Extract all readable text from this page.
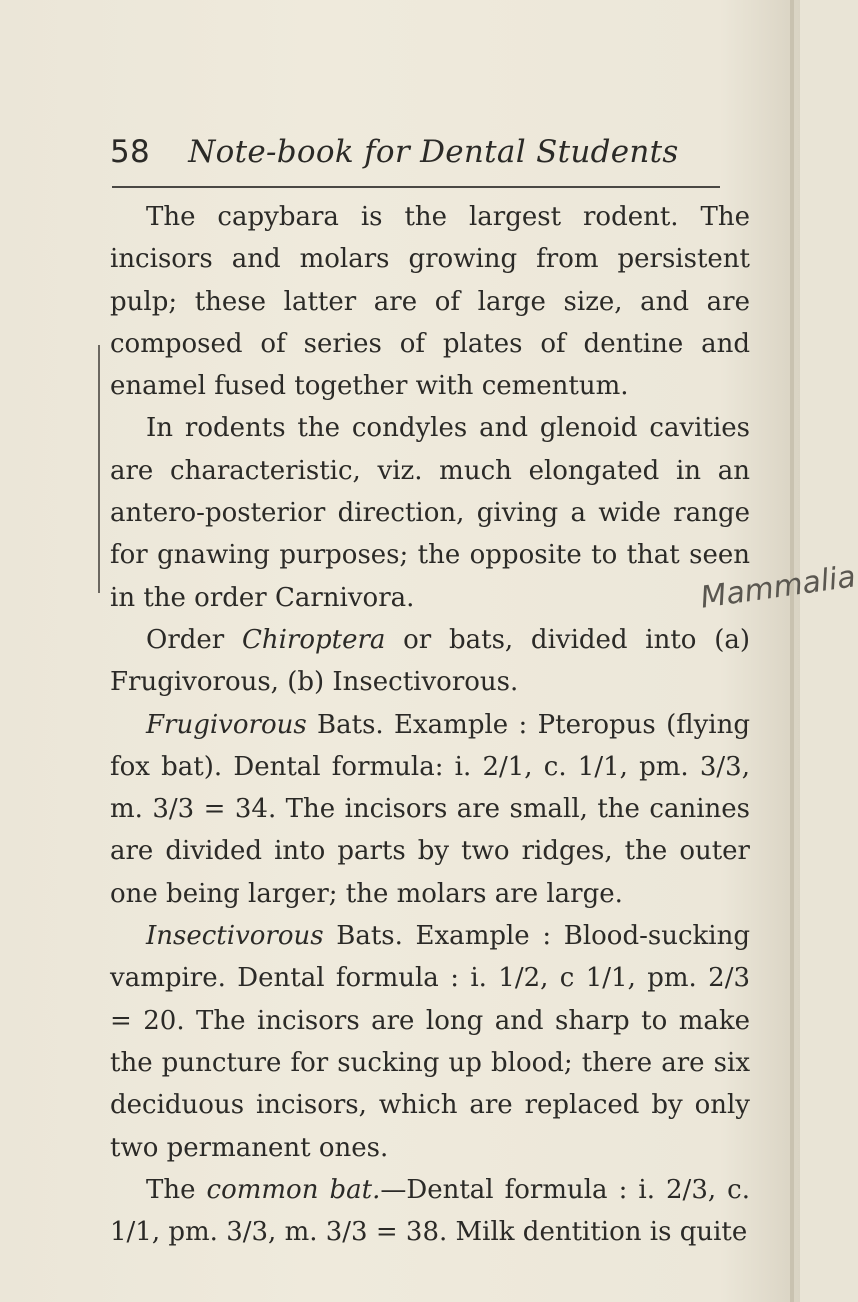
58 Note-book for Dental Students

The capybara is the largest rodent. The incisors and molars growing from persistent pulp; these latter are of large size, and are composed of series of plates of dentine and enamel fused together with cementum.

In rodents the condyles and glenoid cavities are characteristic, viz. much elongated in an antero-posterior direction, giving a wide range for gnawing purposes; the opposite to that seen in the order Carnivora.

Order Chiroptera or bats, divided into (a) Frugivorous, (b) Insectivorous.

Frugivorous Bats. Example : Pteropus (flying fox bat). Dental formula: i. 2/1, c. 1/1, pm. 3/3, m. 3/3 = 34. The incisors are small, the canines are divided into parts by two ridges, the outer one being larger; the molars are large.

Insectivorous Bats. Example : Blood-sucking vampire. Dental formula : i. 1/2, c 1/1, pm. 2/3 = 20. The incisors are long and sharp to make the puncture for sucking up blood; there are six deciduous incisors, which are replaced by only two permanent ones.

The common bat.—Dental formula : i. 2/3, c. 1/1, pm. 3/3, m. 3/3 = 38. Milk dentition is quite

Mammalia
